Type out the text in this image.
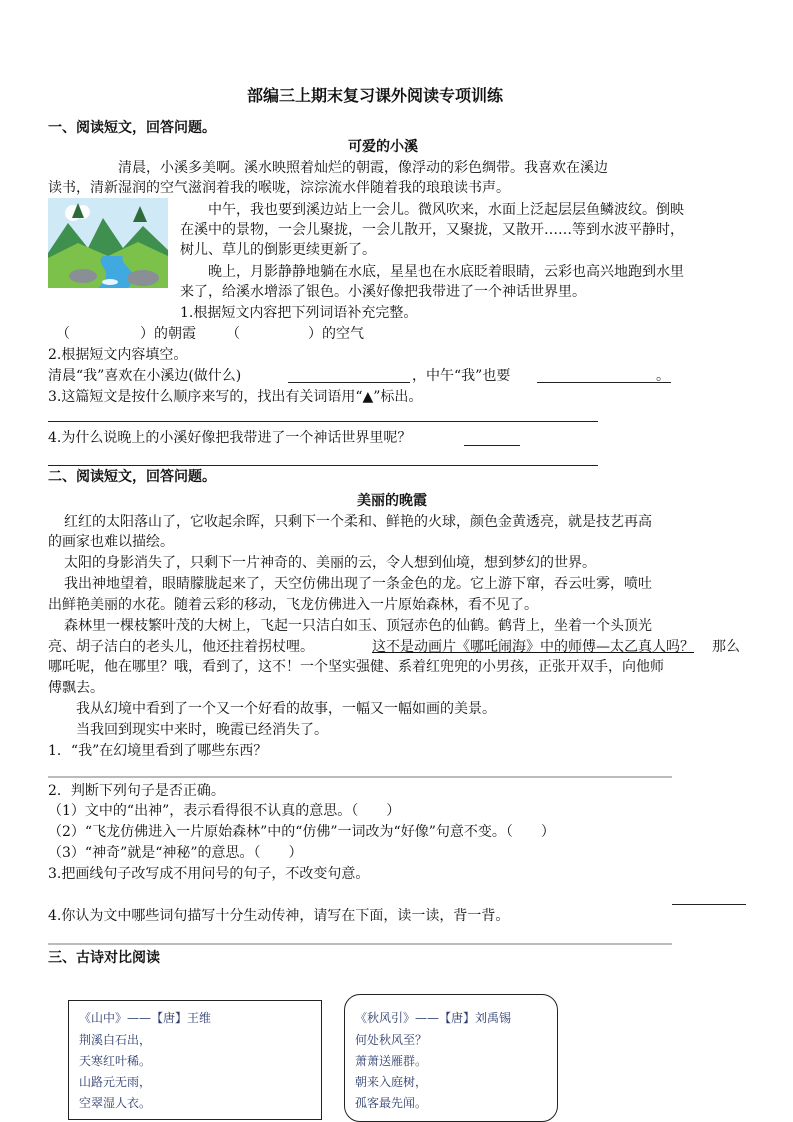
部编三上期末复习课外阅读专项训练
一、阅读短文，回答问题。
可爱的小溪
清晨，小溪多美啊。溪水映照着灿烂的朝霞，像浮动的彩色绸带。我喜欢在溪边
读书，清新湿润的空气滋润着我的喉咙，淙淙流水伴随着我的琅琅读书声。
中午，我也要到溪边站上一会儿。微风吹来，水面上泛起层层鱼鳞波纹。倒映
在溪中的景物，一会儿聚拢，一会儿散开，又聚拢，又散开……等到水波平静时，
树儿、草儿的倒影更续更新了。
晚上，月影静静地躺在水底，星星也在水底眨着眼睛，云彩也高兴地跑到水里
来了，给溪水增添了银色。小溪好像把我带进了一个神话世界里。
1.根据短文内容把下列词语补充完整。
（	）的朝霞 （	）的空气
2.根据短文内容填空。
清晨“我”喜欢在小溪边(做什么)	，中午“我”也要	。
3.这篇短文是按什么顺序来写的，找出有关词语用“▲”标出。
4.为什么说晚上的小溪好像把我带进了一个神话世界里呢？
二、阅读短文，回答问题。
美丽的晚霞
红红的太阳落山了，它收起余晖，只剩下一个柔和、鲜艳的火球，颜色金黄透亮，就是技艺再高
的画家也难以描绘。
太阳的身影消失了，只剩下一片神奇的、美丽的云，令人想到仙境，想到梦幻的世界。
我出神地望着，眼睛朦胧起来了，天空仿佛出现了一条金色的龙。它上游下窜，吞云吐雾，喷吐
出鲜艳美丽的水花。随着云彩的移动，飞龙仿佛进入一片原始森林，看不见了。
森林里一棵枝繁叶茂的大树上，飞起一只洁白如玉、顶冠赤色的仙鹤。鹤背上，坐着一个头顶光
亮、胡子洁白的老头儿，他还拄着拐杖哩。	这不是动画片《哪吒闹海》中的师傅—太乙真人吗？ 那么
哪吒呢，他在哪里？哦，看到了，这不！一个坚实强健、系着红兜兜的小男孩，正张开双手，向他师
傅飘去。
我从幻境中看到了一个又一个好看的故事，一幅又一幅如画的美景。
当我回到现实中来时，晚霞已经消失了。
1．“我”在幻境里看到了哪些东西？
2．判断下列句子是否正确。
（1）文中的“出神”，表示看得很不认真的意思。（　　）
（2）“飞龙仿佛进入一片原始森林”中的“仿佛”一词改为“好像”句意不变。（　　）
（3）“神奇”就是“神秘”的意思。（　　）
3.把画线句子改写成不用问号的句子，不改变句意。
4.你认为文中哪些词句描写十分生动传神，请写在下面，读一读，背一背。
三、古诗对比阅读
《山中》——【唐】王维
荆溪白石出，
天寒红叶稀。
山路元无雨，
空翠湿人衣。
《秋风引》——【唐】刘禹锡
何处秋风至？
萧萧送雁群。
朝来入庭树，
孤客最先闻。
